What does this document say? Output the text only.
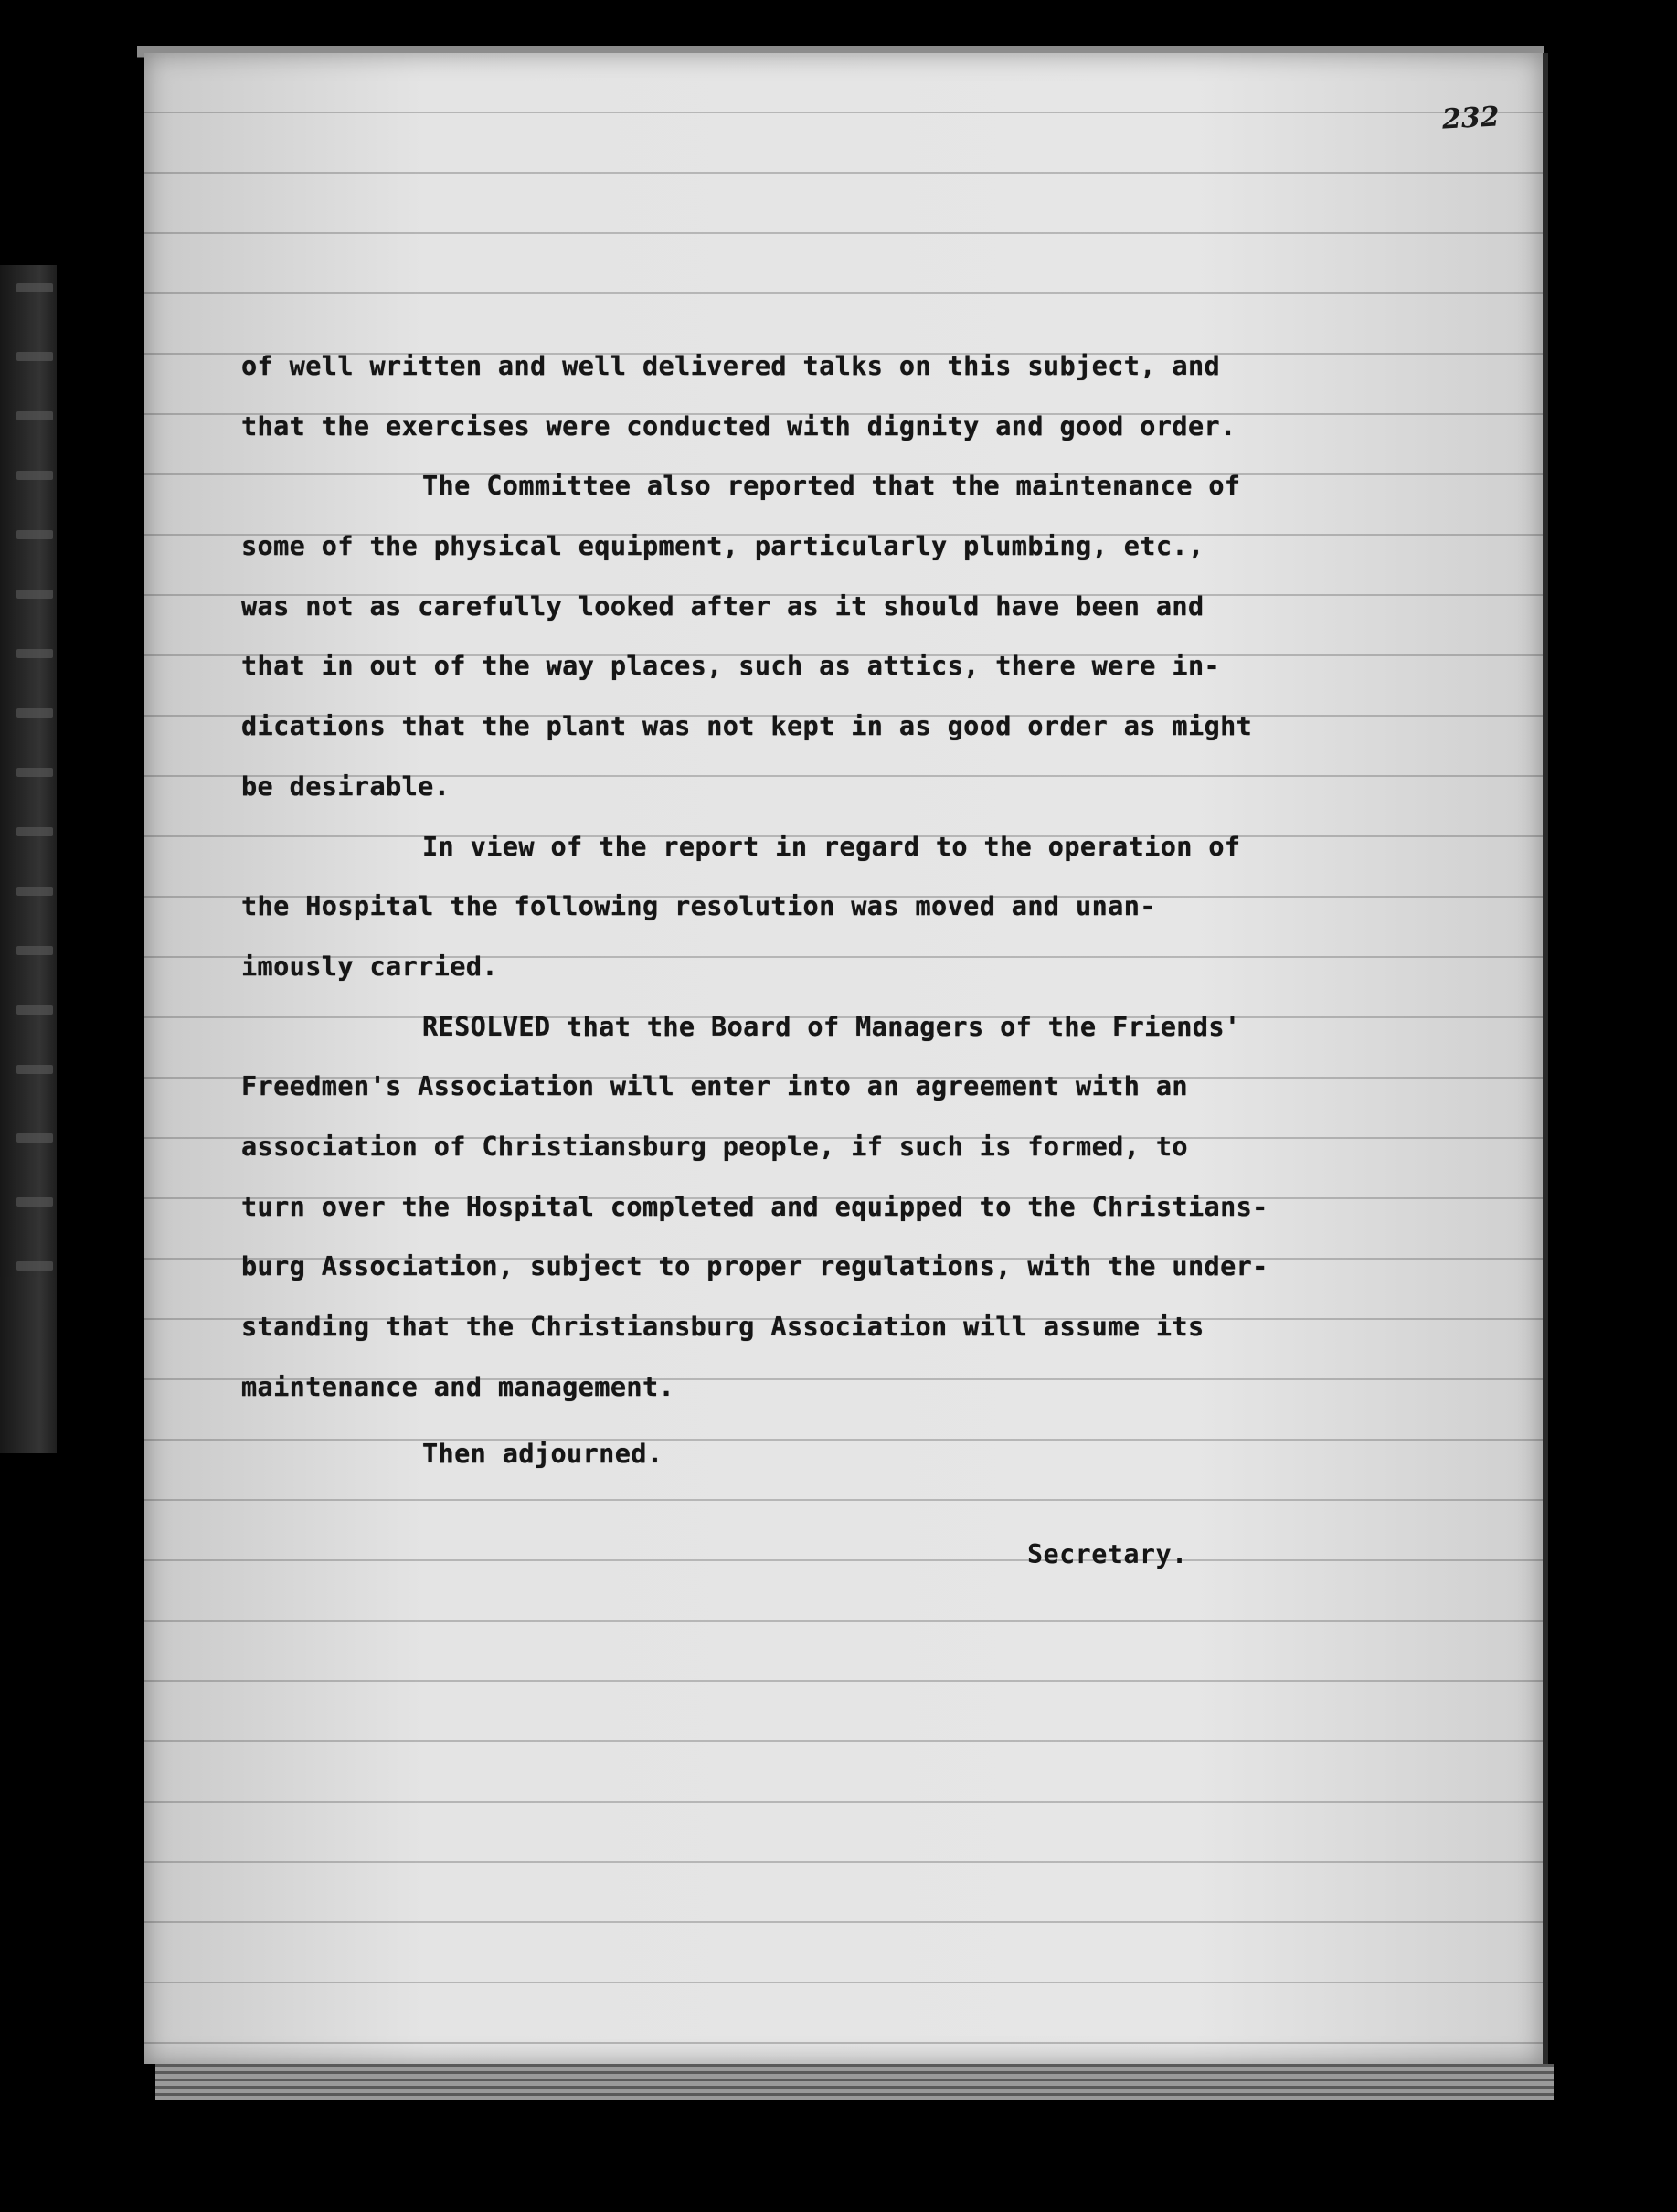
232
of well written and well delivered talks on this subject, and
that the exercises were conducted with dignity and good order.
The Committee also reported that the maintenance of
some of the physical equipment, particularly plumbing, etc.,
was not as carefully looked after as it should have been and
that in out of the way places, such as attics, there were in-
dications that the plant was not kept in as good order as might
be desirable.
In view of the report in regard to the operation of
the Hospital the following resolution was moved and unan-
imously carried.
RESOLVED that the Board of Managers of the Friends'
Freedmen's Association will enter into an agreement with an
association of Christiansburg people, if such is formed, to
turn over the Hospital completed and equipped to the Christians-
burg Association, subject to proper regulations, with the under-
standing that the Christiansburg Association will assume its
maintenance and management.
Then adjourned.
Secretary.
